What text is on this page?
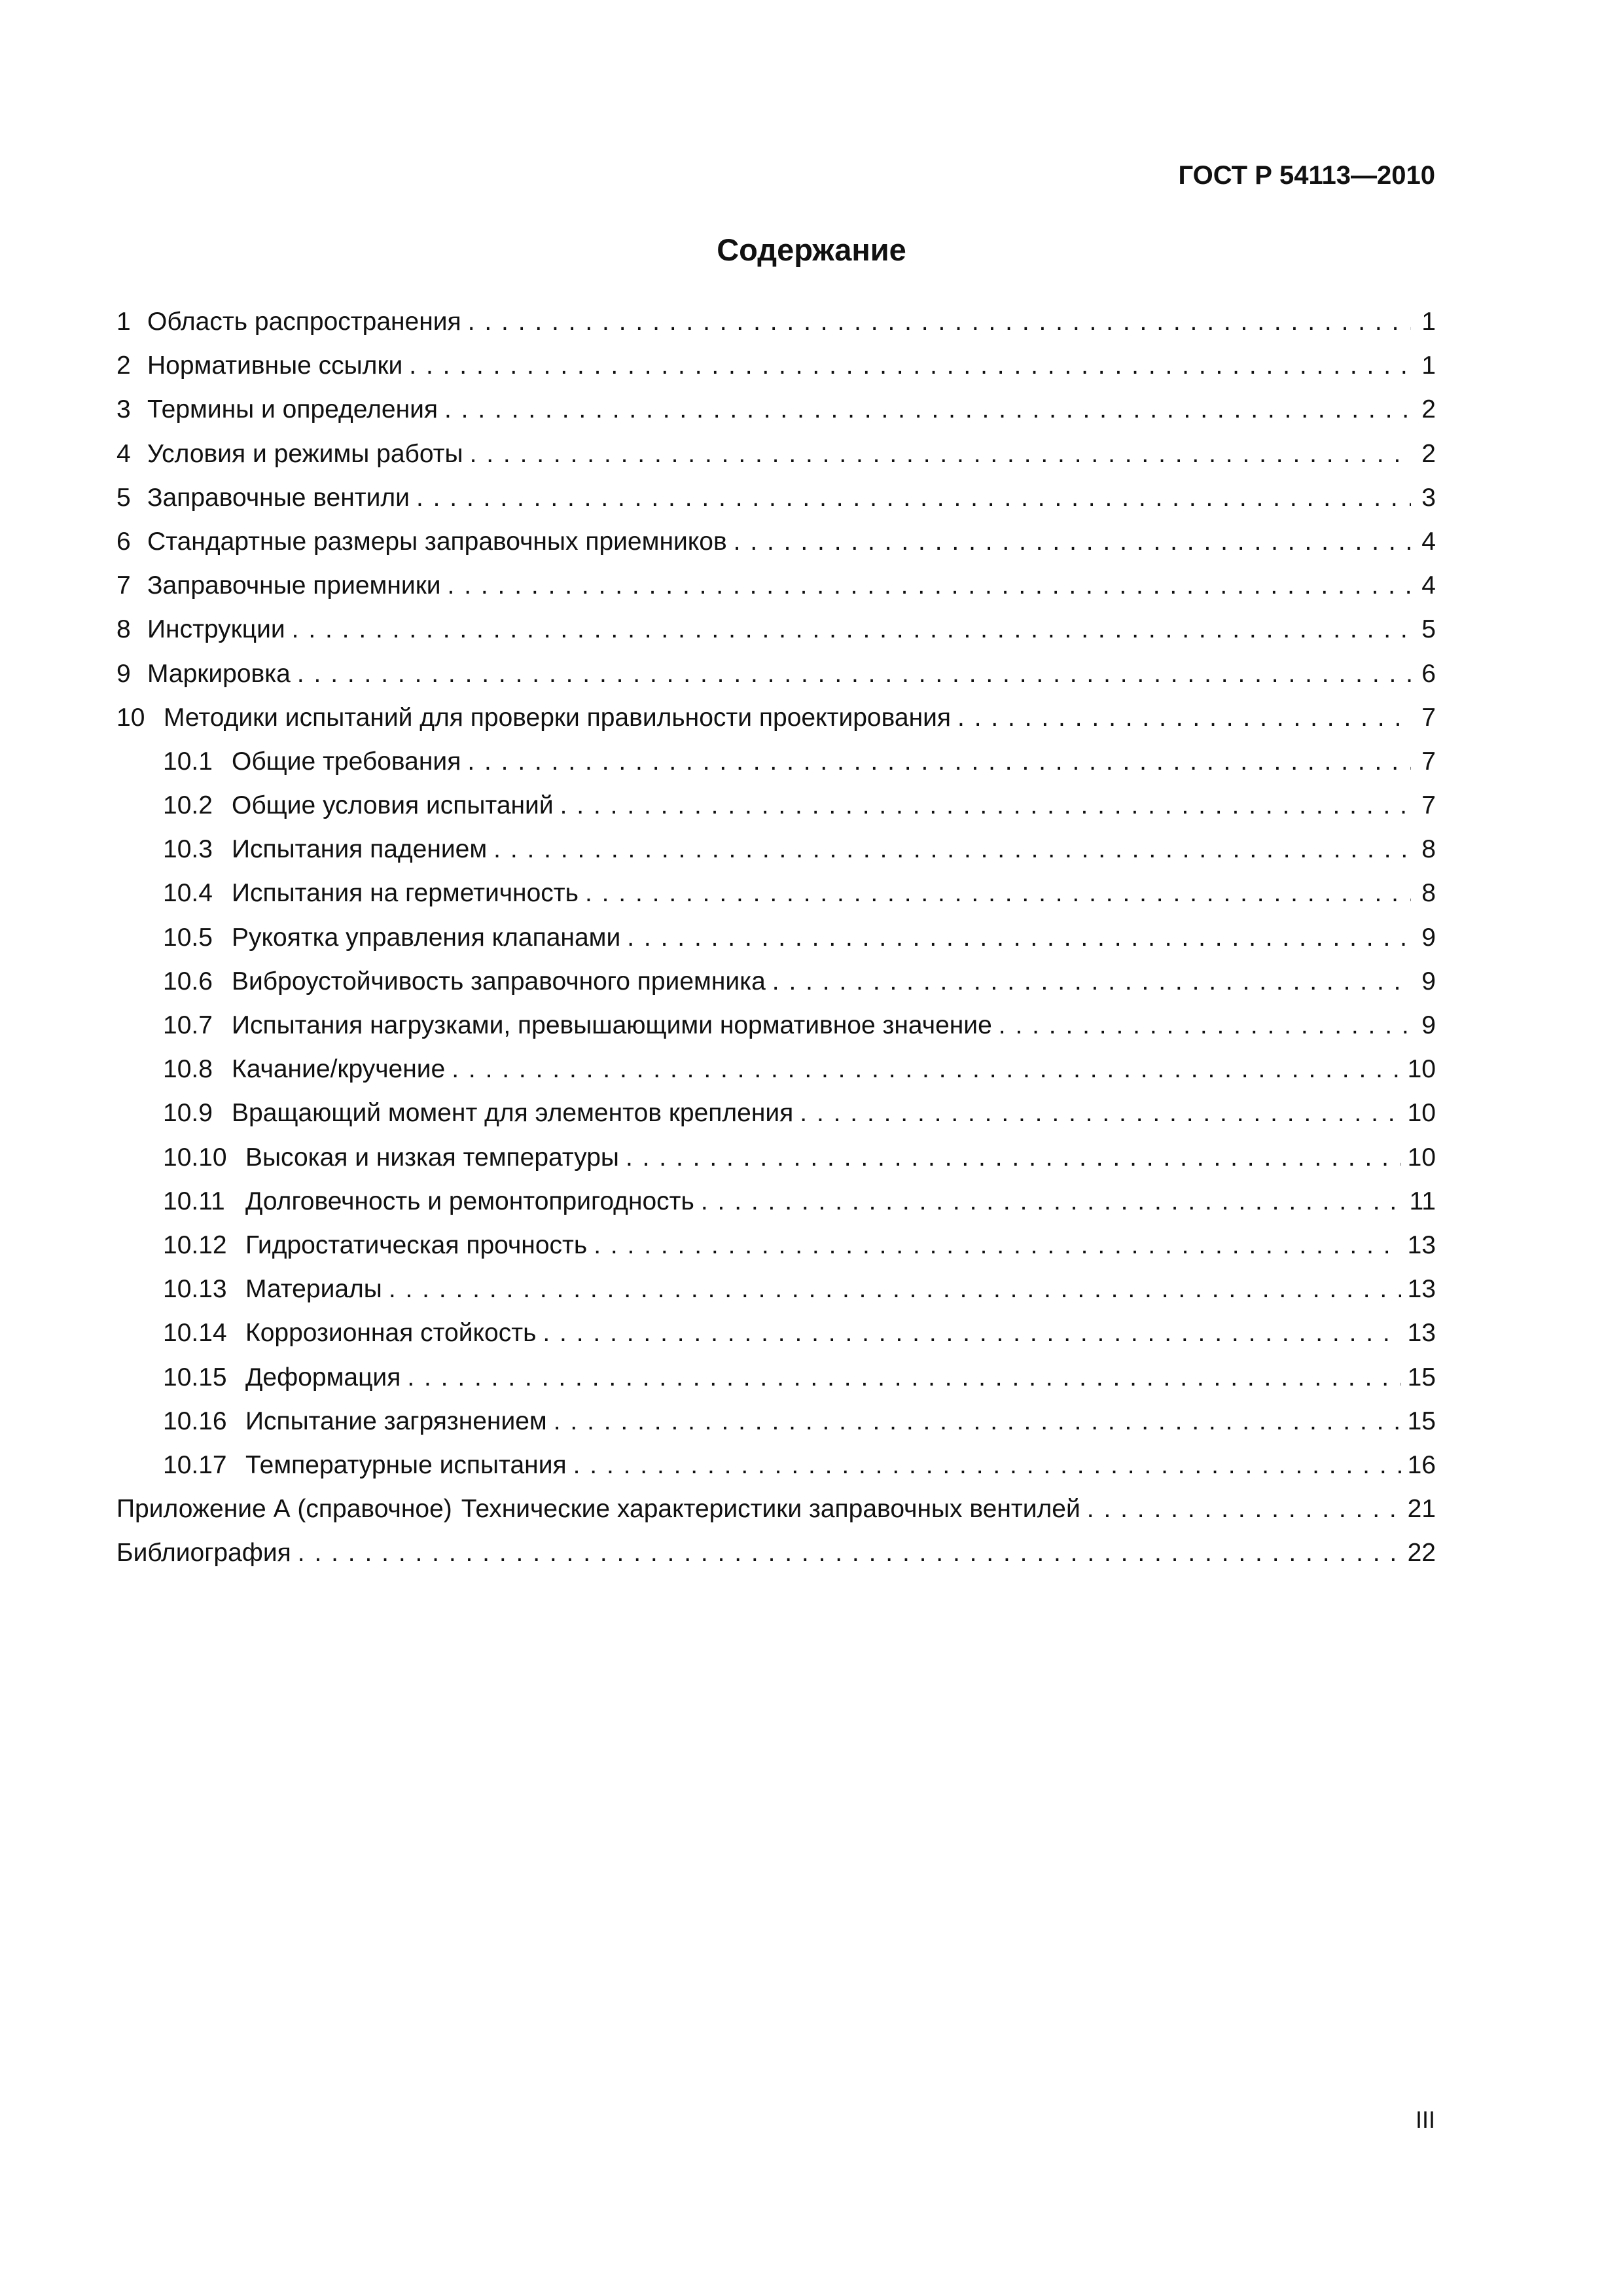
ГОСТ Р 54113—2010
Содержание
1 Область распространения . . .	1
2 Нормативные ссылки . . .	1
3 Термины и определения . . .	2
4 Условия и режимы работы . . .	2
5 Заправочные вентили . . .	3
6 Стандартные размеры заправочных приемников . . .	4
7 Заправочные приемники . . .	4
8 Инструкции . . .	5
9 Маркировка . . .	6
10 Методики испытаний для проверки правильности проектирования . . .	7
10.1 Общие требования . . .	7
10.2 Общие условия испытаний . . .	7
10.3 Испытания падением . . .	8
10.4 Испытания на герметичность . . .	8
10.5 Рукоятка управления клапанами . . .	9
10.6 Виброустойчивость заправочного приемника . . .	9
10.7 Испытания нагрузками, превышающими нормативное значение . . .	9
10.8 Качание/кручение . . .	10
10.9 Вращающий момент для элементов крепления . . .	10
10.10 Высокая и низкая температуры . . .	10
10.11 Долговечность и ремонтопригодность . . .	11
10.12 Гидростатическая прочность . . .	13
10.13 Материалы . . .	13
10.14 Коррозионная стойкость . . .	13
10.15 Деформация . . .	15
10.16 Испытание загрязнением . . .	15
10.17 Температурные испытания . . .	16
Приложение А (справочное) Технические характеристики заправочных вентилей . . .	21
Библиография . . .	22
III
